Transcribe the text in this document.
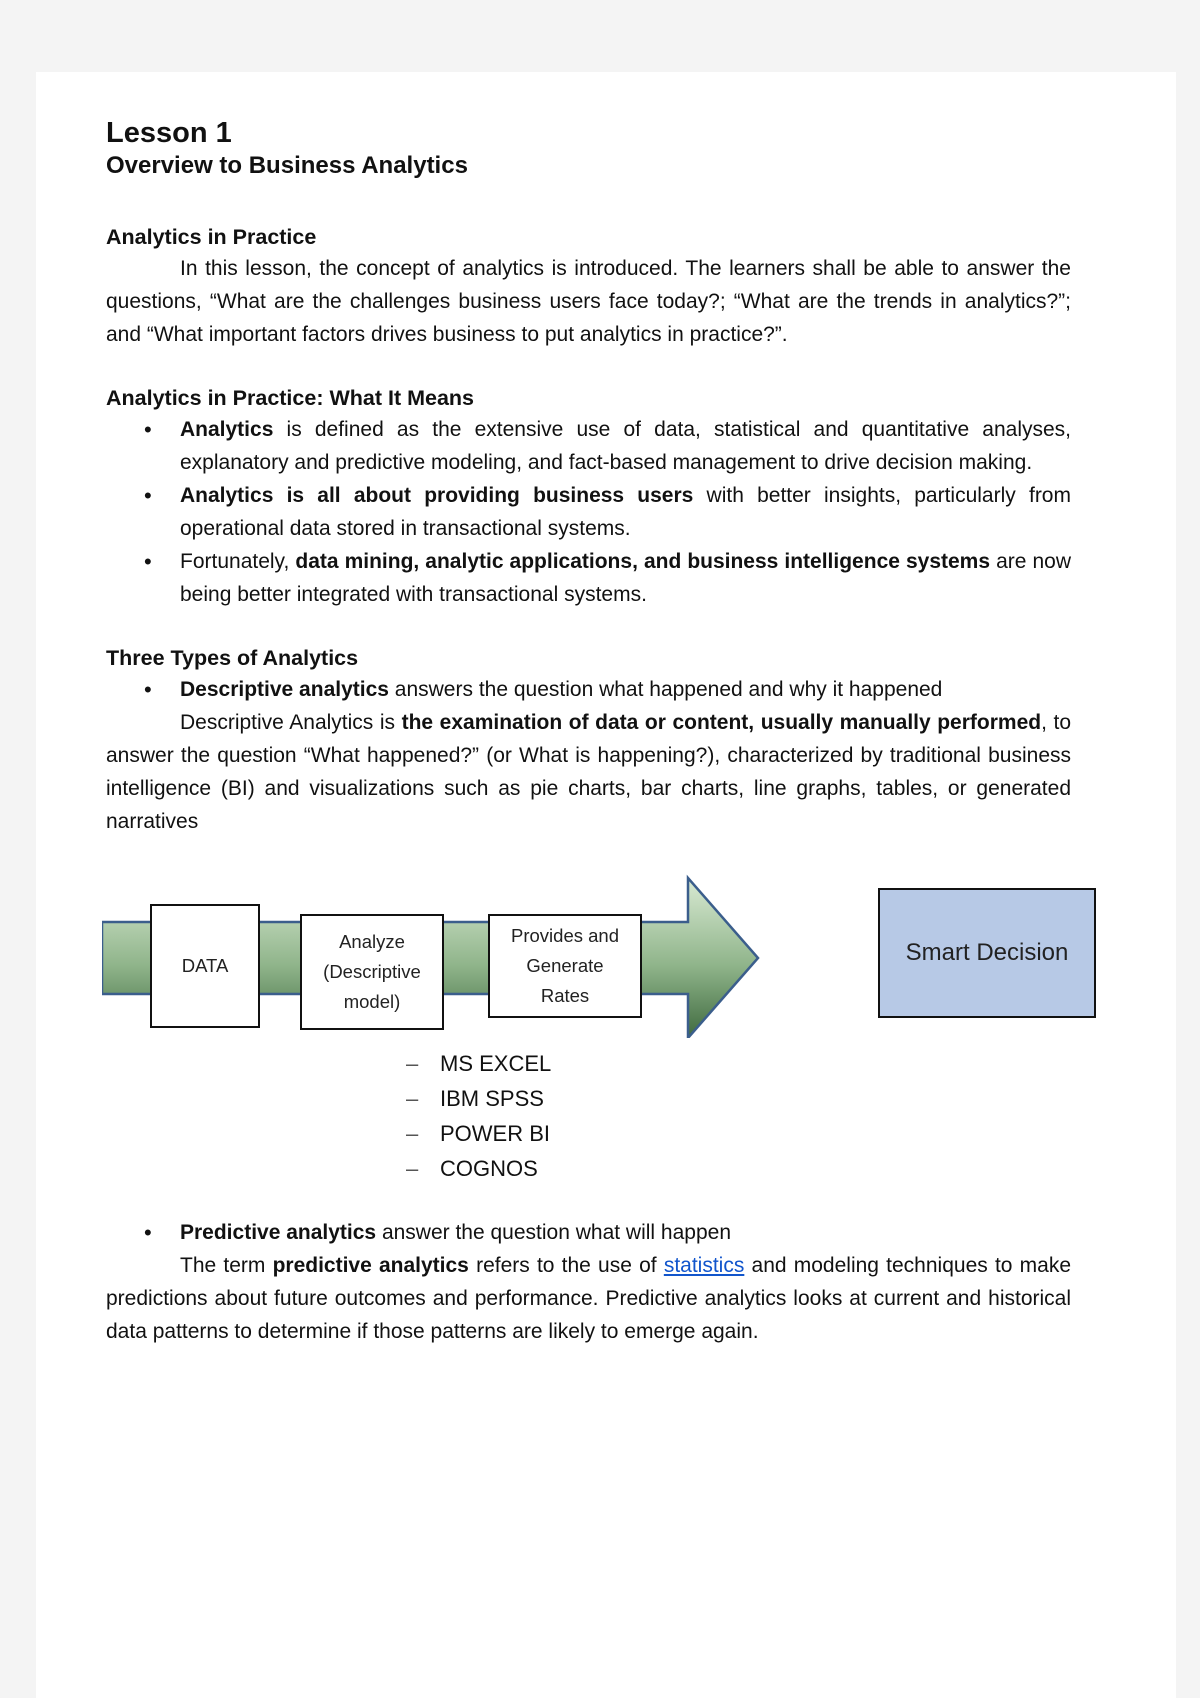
Lesson 1
Overview to Business Analytics
Analytics in Practice

In this lesson, the concept of analytics is introduced. The learners shall be able to answer the questions, “What are the challenges business users face today?; “What are the trends in analytics?”; and “What important factors drives business to put analytics in practice?”.

Analytics in Practice: What It Means
• Analytics is defined as the extensive use of data, statistical and quantitative analyses, explanatory and predictive modeling, and fact-based management to drive decision making.
• Analytics is all about providing business users with better insights, particularly from operational data stored in transactional systems.
• Fortunately, data mining, analytic applications, and business intelligence systems are now being better integrated with transactional systems.
Three Types of Analytics
• Descriptive analytics answers the question what happened and why it happened

Descriptive Analytics is the examination of data or content, usually manually performed, to answer the question “What happened?” (or What is happening?), characterized by traditional business intelligence (BI) and visualizations such as pie charts, bar charts, line graphs, tables, or generated narratives

DATA
Analyze
(Descriptive model)
Provides and Generate Rates
Smart Decision
– MS EXCEL
– IBM SPSS
– POWER BI
– COGNOS
• Predictive analytics answer the question what will happen

The term predictive analytics refers to the use of statistics and modeling techniques to make predictions about future outcomes and performance. Predictive analytics looks at current and historical data patterns to determine if those patterns are likely to emerge again.
